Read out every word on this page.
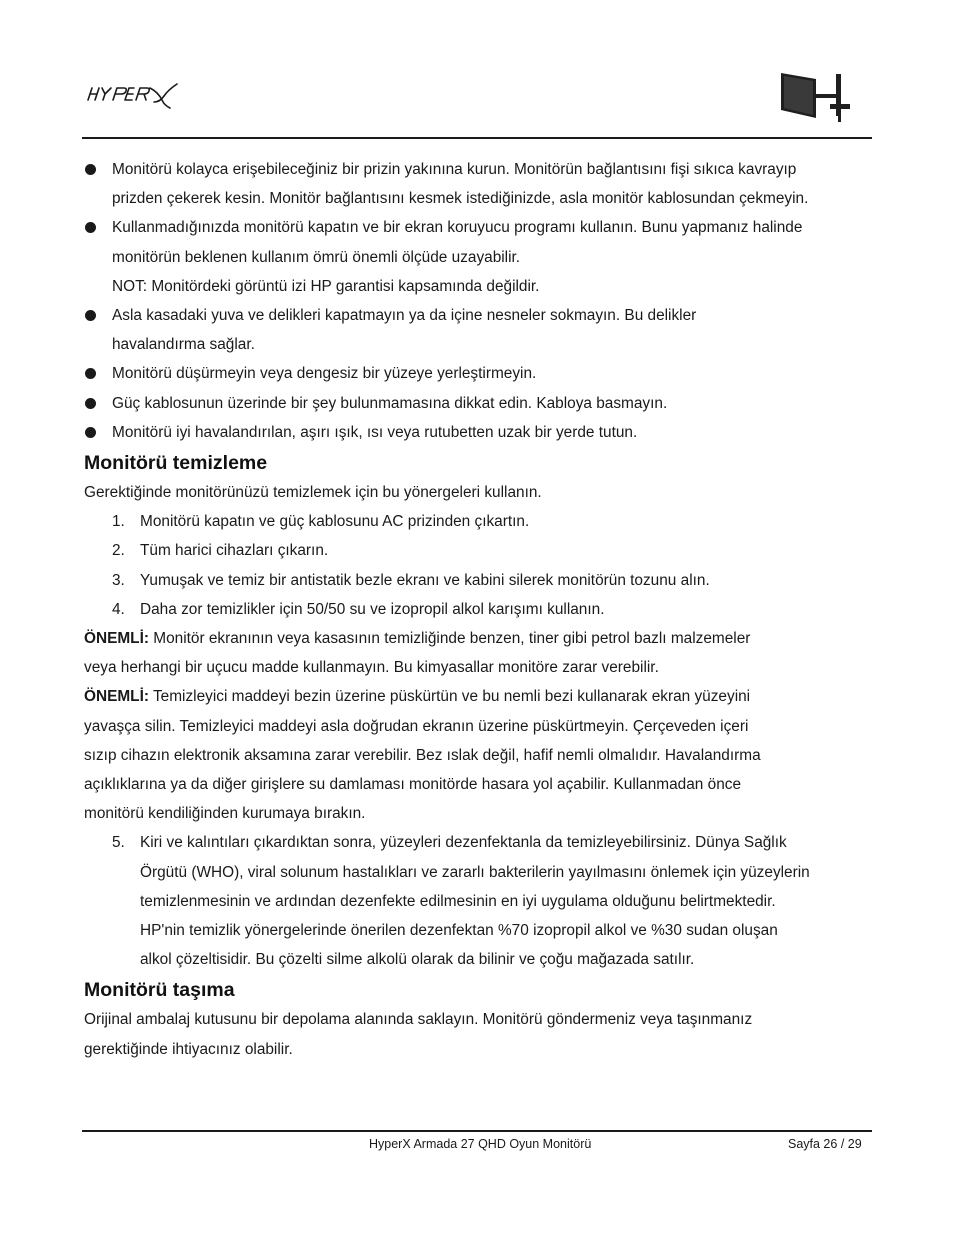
Monitörü kolayca erişebileceğiniz bir prizin yakınına kurun. Monitörün bağlantısını fişi sıkıca kavrayıp

prizden çekerek kesin. Monitör bağlantısını kesmek istediğinizde, asla monitör kablosundan çekmeyin.

Kullanmadığınızda monitörü kapatın ve bir ekran koruyucu programı kullanın. Bunu yapmanız halinde

monitörün beklenen kullanım ömrü önemli ölçüde uzayabilir.

NOT: Monitördeki görüntü izi HP garantisi kapsamında değildir.

Asla kasadaki yuva ve delikleri kapatmayın ya da içine nesneler sokmayın. Bu delikler

havalandırma sağlar.

Monitörü düşürmeyin veya dengesiz bir yüzeye yerleştirmeyin.

Güç kablosunun üzerinde bir şey bulunmamasına dikkat edin. Kabloya basmayın.

Monitörü iyi havalandırılan, aşırı ışık, ısı veya rutubetten uzak bir yerde tutun.

Monitörü temizleme

Gerektiğinde monitörünüzü temizlemek için bu yönergeleri kullanın.

1. Monitörü kapatın ve güç kablosunu AC prizinden çıkartın.

2. Tüm harici cihazları çıkarın.

3. Yumuşak ve temiz bir antistatik bezle ekranı ve kabini silerek monitörün tozunu alın.

4. Daha zor temizlikler için 50/50 su ve izopropil alkol karışımı kullanın.

ÖNEMLİ: Monitör ekranının veya kasasının temizliğinde benzen, tiner gibi petrol bazlı malzemeler

veya herhangi bir uçucu madde kullanmayın. Bu kimyasallar monitöre zarar verebilir.

ÖNEMLİ: Temizleyici maddeyi bezin üzerine püskürtün ve bu nemli bezi kullanarak ekran yüzeyini

yavaşça silin. Temizleyici maddeyi asla doğrudan ekranın üzerine püskürtmeyin. Çerçeveden içeri

sızıp cihazın elektronik aksamına zarar verebilir. Bez ıslak değil, hafif nemli olmalıdır. Havalandırma

açıklıklarına ya da diğer girişlere su damlaması monitörde hasara yol açabilir. Kullanmadan önce

monitörü kendiliğinden kurumaya bırakın.

5. Kiri ve kalıntıları çıkardıktan sonra, yüzeyleri dezenfektanla da temizleyebilirsiniz. Dünya Sağlık

Örgütü (WHO), viral solunum hastalıkları ve zararlı bakterilerin yayılmasını önlemek için yüzeylerin

temizlenmesinin ve ardından dezenfekte edilmesinin en iyi uygulama olduğunu belirtmektedir.

HP'nin temizlik yönergelerinde önerilen dezenfektan %70 izopropil alkol ve %30 sudan oluşan

alkol çözeltisidir. Bu çözelti silme alkolü olarak da bilinir ve çoğu mağazada satılır.

Monitörü taşıma

Orijinal ambalaj kutusunu bir depolama alanında saklayın. Monitörü göndermeniz veya taşınmanız

gerektiğinde ihtiyacınız olabilir.

HyperX Armada 27 QHD Oyun Monitörü	Sayfa 26 / 29
